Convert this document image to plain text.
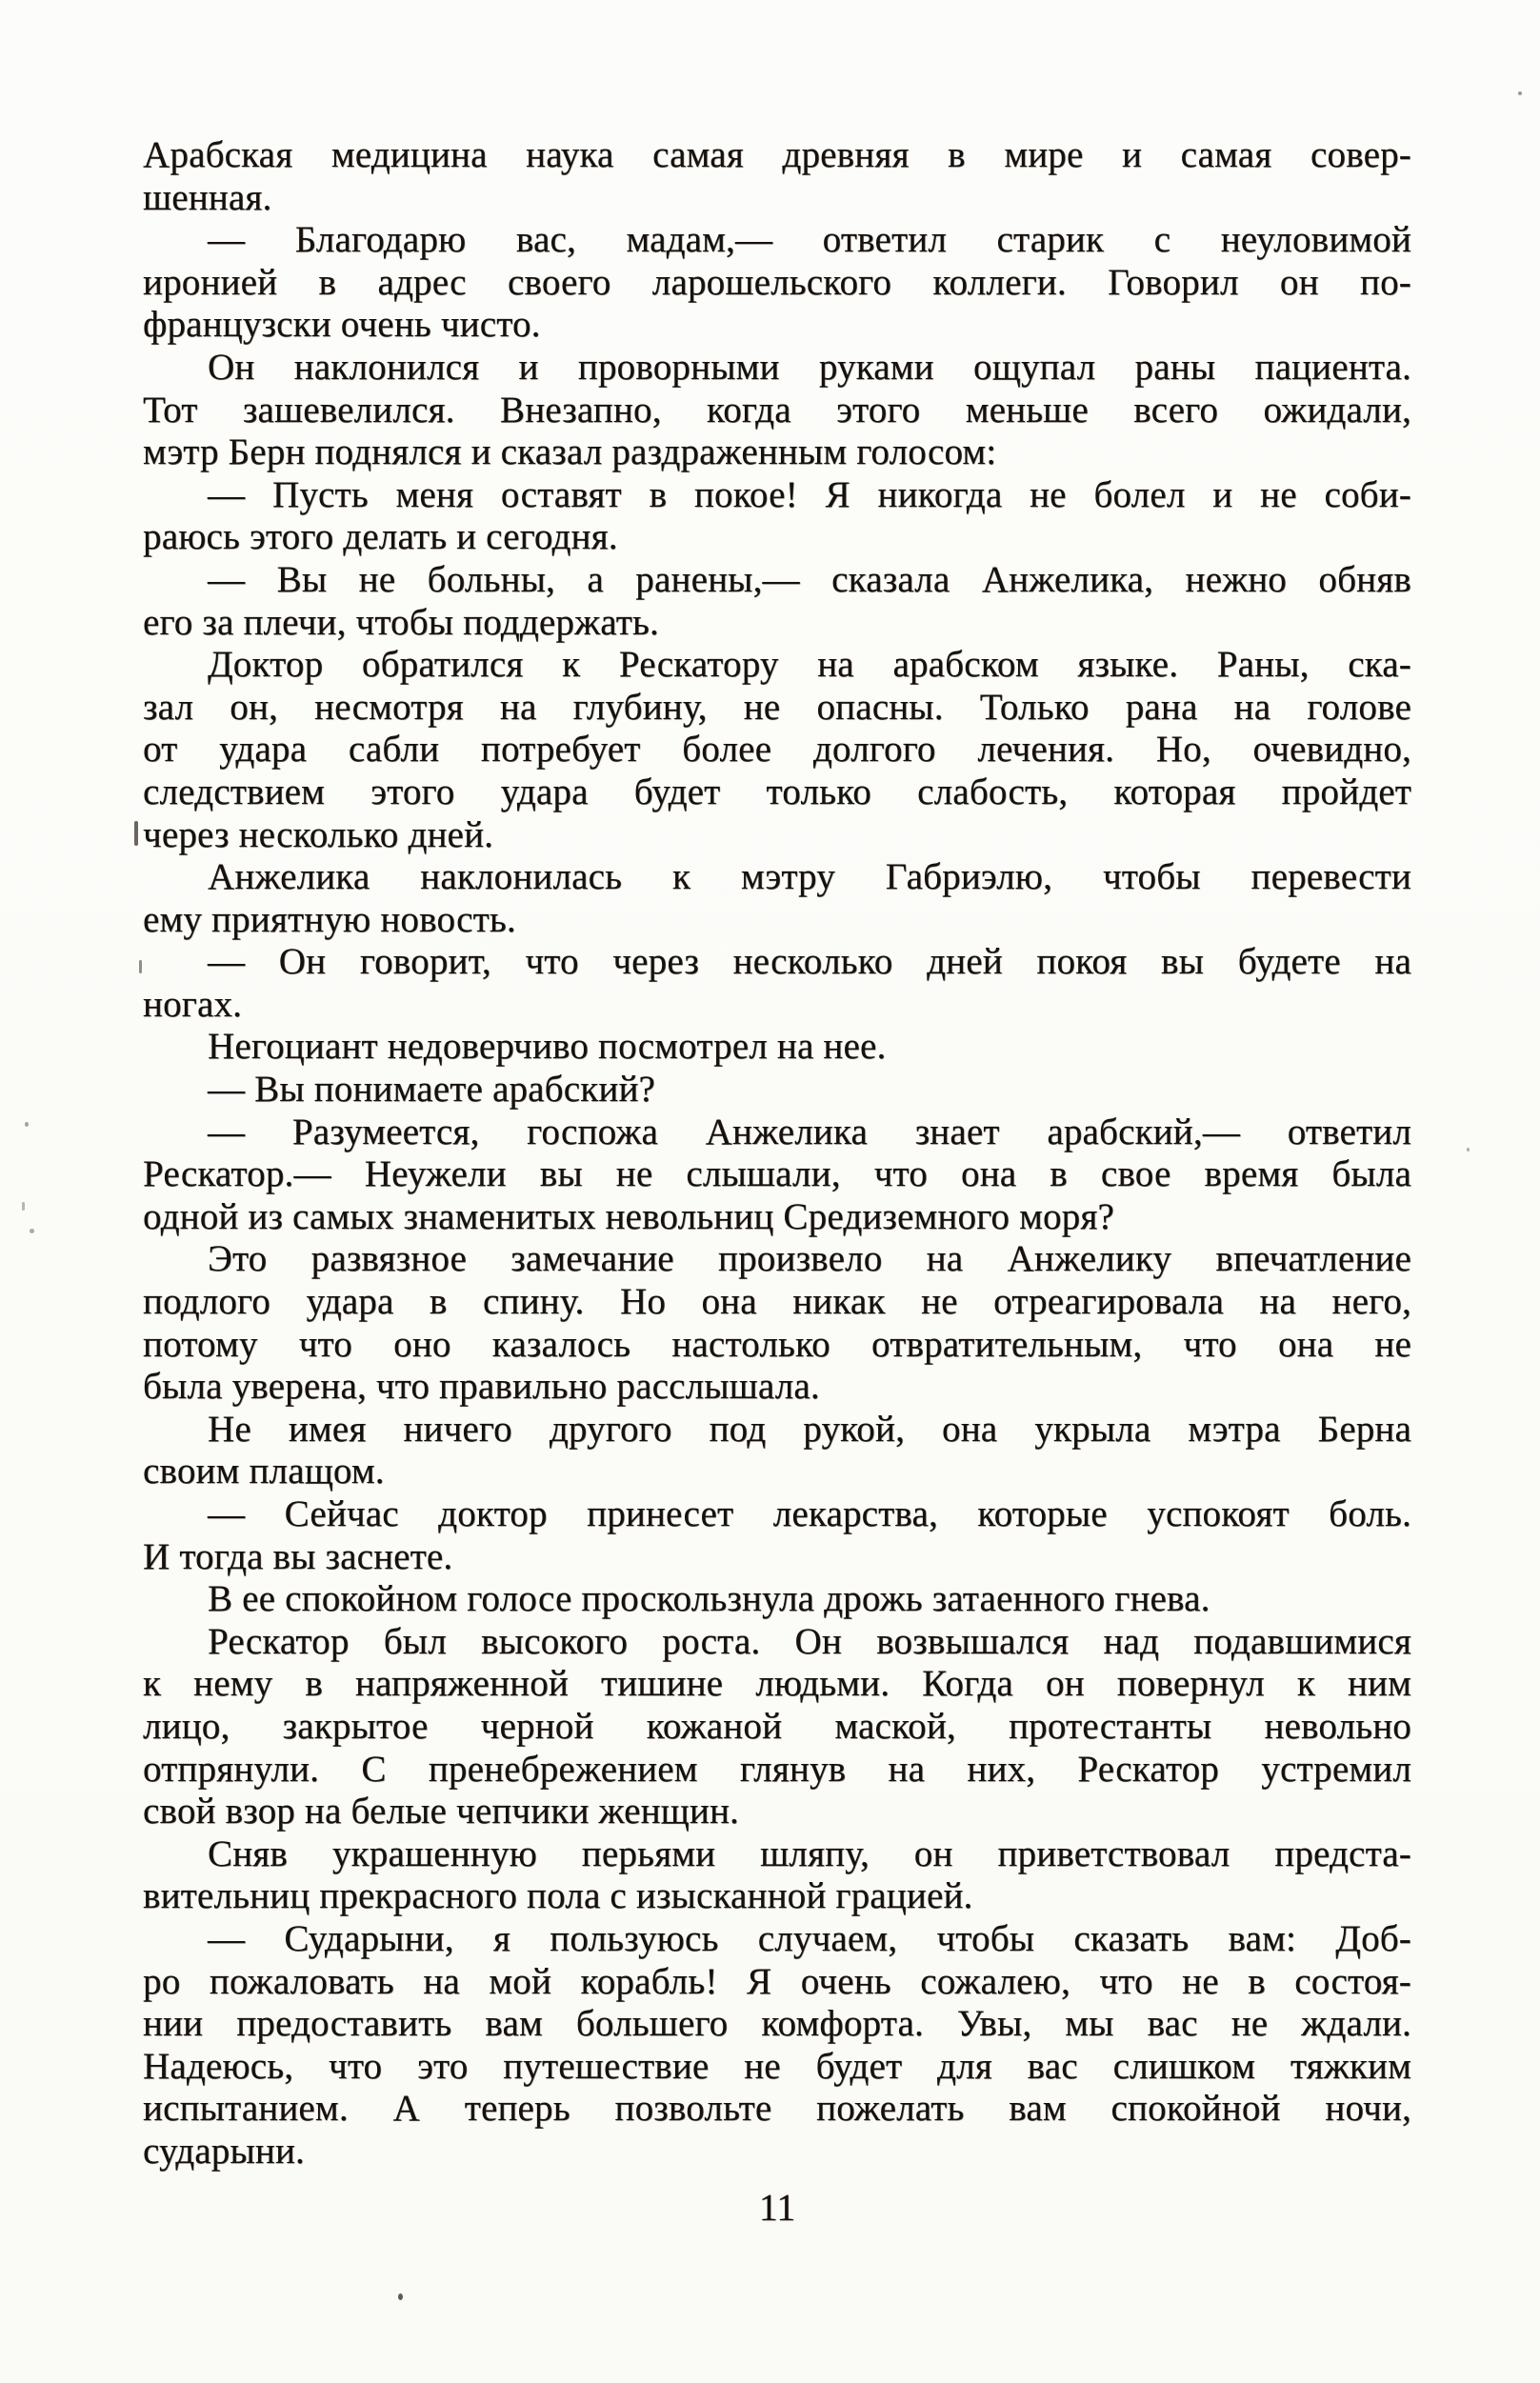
Арабская медицина наука самая древняя в мире и самая совер-
шенная.
— Благодарю вас, мадам,— ответил старик с неуловимой
иронией в адрес своего ларошельского коллеги. Говорил он по-
французски очень чисто.
Он наклонился и проворными руками ощупал раны пациента.
Тот зашевелился. Внезапно, когда этого меньше всего ожидали,
мэтр Берн поднялся и сказал раздраженным голосом:
— Пусть меня оставят в покое! Я никогда не болел и не соби-
раюсь этого делать и сегодня.
— Вы не больны, а ранены,— сказала Анжелика, нежно обняв
его за плечи, чтобы поддержать.
Доктор обратился к Рескатору на арабском языке. Раны, ска-
зал он, несмотря на глубину, не опасны. Только рана на голове
от удара сабли потребует более долгого лечения. Но, очевидно,
следствием этого удара будет только слабость, которая пройдет
через несколько дней.
Анжелика наклонилась к мэтру Габриэлю, чтобы перевести
ему приятную новость.
— Он говорит, что через несколько дней покоя вы будете на
ногах.
Негоциант недоверчиво посмотрел на нее.
— Вы понимаете арабский?
— Разумеется, госпожа Анжелика знает арабский,— ответил
Рескатор.— Неужели вы не слышали, что она в свое время была
одной из самых знаменитых невольниц Средиземного моря?
Это развязное замечание произвело на Анжелику впечатление
подлого удара в спину. Но она никак не отреагировала на него,
потому что оно казалось настолько отвратительным, что она не
была уверена, что правильно расслышала.
Не имея ничего другого под рукой, она укрыла мэтра Берна
своим плащом.
— Сейчас доктор принесет лекарства, которые успокоят боль.
И тогда вы заснете.
В ее спокойном голосе проскользнула дрожь затаенного гнева.
Рескатор был высокого роста. Он возвышался над подавшимися
к нему в напряженной тишине людьми. Когда он повернул к ним
лицо, закрытое черной кожаной маской, протестанты невольно
отпрянули. С пренебрежением глянув на них, Рескатор устремил
свой взор на белые чепчики женщин.
Сняв украшенную перьями шляпу, он приветствовал предста-
вительниц прекрасного пола с изысканной грацией.
— Сударыни, я пользуюсь случаем, чтобы сказать вам: Доб-
ро пожаловать на мой корабль! Я очень сожалею, что не в состоя-
нии предоставить вам большего комфорта. Увы, мы вас не ждали.
Надеюсь, что это путешествие не будет для вас слишком тяжким
испытанием. А теперь позвольте пожелать вам спокойной ночи,
сударыни.
11
